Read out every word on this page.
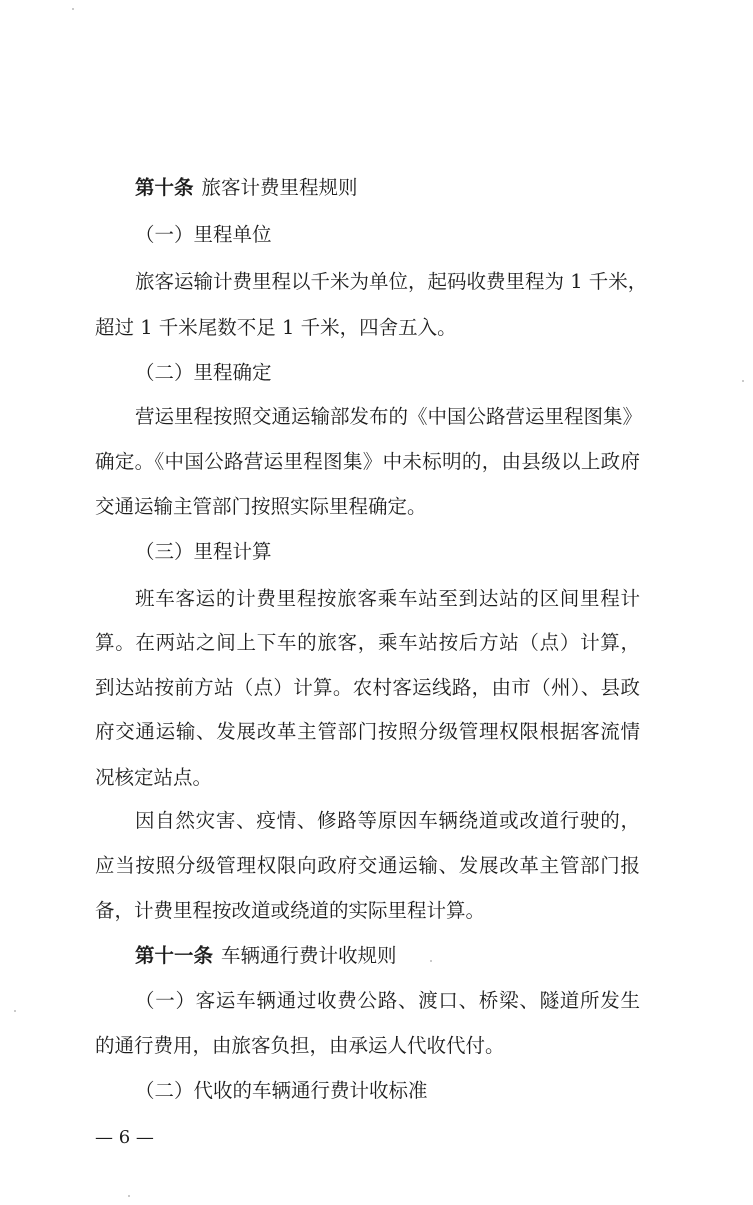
第十条 旅客计费里程规则
（一）里程单位
旅客运输计费里程以千米为单位，起码收费里程为 1 千米，
超过 1 千米尾数不足 1 千米，四舍五入。
（二）里程确定
营运里程按照交通运输部发布的《中国公路营运里程图集》
确定。《中国公路营运里程图集》中未标明的，由县级以上政府
交通运输主管部门按照实际里程确定。
（三）里程计算
班车客运的计费里程按旅客乘车站至到达站的区间里程计
算。在两站之间上下车的旅客，乘车站按后方站（点）计算，
到达站按前方站（点）计算。农村客运线路，由市（州）、县政
府交通运输、发展改革主管部门按照分级管理权限根据客流情
况核定站点。
因自然灾害、疫情、修路等原因车辆绕道或改道行驶的，
应当按照分级管理权限向政府交通运输、发展改革主管部门报
备，计费里程按改道或绕道的实际里程计算。
第十一条 车辆通行费计收规则
（一）客运车辆通过收费公路、渡口、桥梁、隧道所发生
的通行费用，由旅客负担，由承运人代收代付。
（二）代收的车辆通行费计收标准
— 6 —
